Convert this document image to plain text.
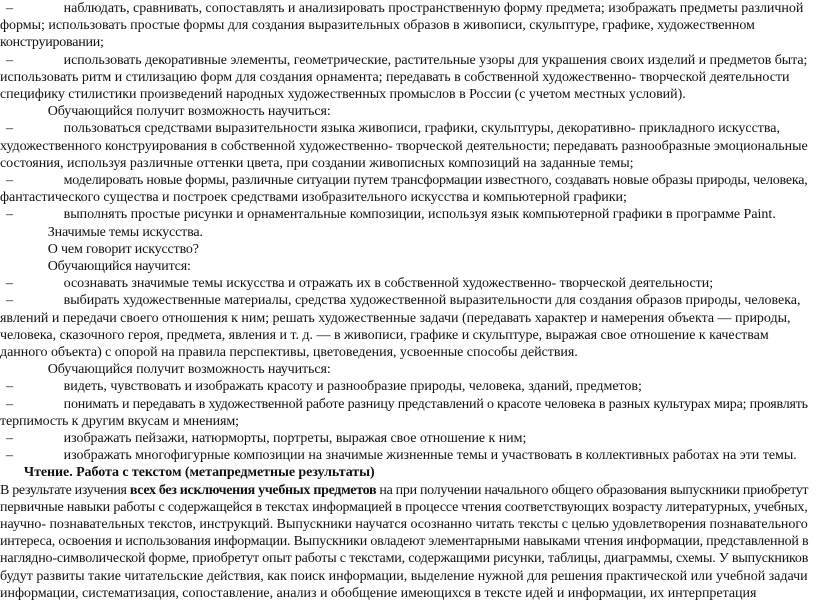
–	наблюдать, сравнивать, сопоставлять и анализировать пространственную форму предмета; изображать предметы различной
формы; использовать простые формы для создания выразительных образов в живописи, скульптуре, графике, художественном
конструировании;
–	использовать декоративные элементы, геометрические, растительные узоры для украшения своих изделий и предметов быта;
использовать ритм и стилизацию форм для создания орнамента; передавать в собственной художественно- творческой деятельности
специфику стилистики произведений народных художественных промыслов в России (с учетом местных условий).
Обучающийся получит возможность научиться:
–	пользоваться средствами выразительности языка живописи, графики, скульптуры, декоративно- прикладного искусства,
художественного конструирования в собственной художественно- творческой деятельности; передавать разнообразные эмоциональные
состояния, используя различные оттенки цвета, при создании живописных композиций на заданные темы;
–	моделировать новые формы, различные ситуации путем трансформации известного, создавать новые образы природы, человека,
фантастического существа и построек средствами изобразительного искусства и компьютерной графики;
–	выполнять простые рисунки и орнаментальные композиции, используя язык компьютерной графики в программе Paint.
Значимые темы искусства.
О чем говорит искусство?
Обучающийся научится:
–	осознавать значимые темы искусства и отражать их в собственной художественно- творческой деятельности;
–	выбирать художественные материалы, средства художественной выразительности для создания образов природы, человека,
явлений и передачи своего отношения к ним; решать художественные задачи (передавать характер и намерения объекта — природы,
человека, сказочного героя, предмета, явления и т. д. — в живописи, графике и скульптуре, выражая свое отношение к качествам
данного объекта) с опорой на правила перспективы, цветоведения, усвоенные способы действия.
Обучающийся получит возможность научиться:
–	видеть, чувствовать и изображать красоту и разнообразие природы, человека, зданий, предметов;
–	понимать и передавать в художественной работе разницу представлений о красоте человека в разных культурах мира; проявлять
терпимость к другим вкусам и мнениям;
–	изображать пейзажи, натюрморты, портреты, выражая свое отношение к ним;
–	изображать многофигурные композиции на значимые жизненные темы и участвовать в коллективных работах на эти темы.
Чтение. Работа с текстом (метапредметные результаты)
В результате изучения всех без исключения учебных предметов на при получении начального общего образования выпускники приобретут
первичные навыки работы с содержащейся в текстах информацией в процессе чтения соответствующих возрасту литературных, учебных,
научно- познавательных текстов, инструкций. Выпускники научатся осознанно читать тексты с целью удовлетворения познавательного
интереса, освоения и использования информации. Выпускники овладеют элементарными навыками чтения информации, представленной в
наглядно-символической форме, приобретут опыт работы с текстами, содержащими рисунки, таблицы, диаграммы, схемы. У выпускников
будут развиты такие читательские действия, как поиск информации, выделение нужной для решения практической или учебной задачи
информации, систематизация, сопоставление, анализ и обобщение имеющихся в тексте идей и информации, их интерпретация
